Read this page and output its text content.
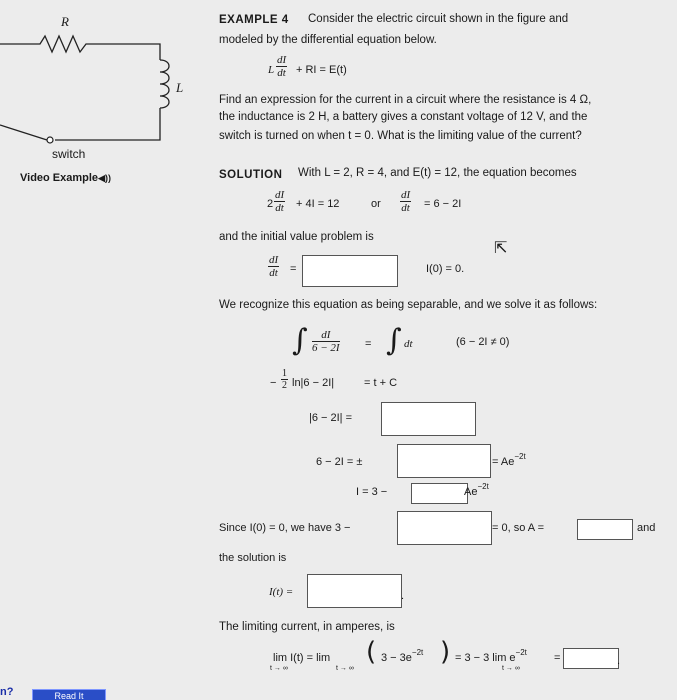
R
L
switch
Video Example◀))
EXAMPLE 4 Consider the electric circuit shown in the figure and
modeled by the differential equation below.
L $\frac{dI}{dt}$ + RI = E(t)
Find an expression for the current in a circuit where the resistance is 4 Ω,
the inductance is 2 H, a battery gives a constant voltage of 12 V, and the
switch is turned on when t = 0. What is the limiting value of the current?
SOLUTION With L = 2, R = 4, and E(t) = 12, the equation becomes
$2 \frac{dI}{dt} + 4I = 12$	or $\frac{dI}{dt} = 6 - 2I$
and the initial value problem is
$\frac{dI}{dt}$ =	I(0) = 0.
⇱
We recognize this equation as being separable, and we solve it as follows:
∫ $\frac{dI}{6 - 2I}$ = ∫ dt	(6 − 2I ≠ 0)
− $\frac{1}{2} \ln|6 - 2I|$	= t + C
|6 − 2I| =
6 − 2I = ±	= $Ae^{-2t}$
I = 3 −	$Ae^{-2t}$
Since I(0) = 0, we have 3 −	= 0, so A =	and
the solution is
I(t) =	.
The limiting current, in amperes, is
lim I(t) = lim
t → ∞	t → ∞
( $3 - 3e^{-2t}$ ) = 3 − 3 $\lim e^{-2t}$
t → ∞
=	.
n?	Read It
